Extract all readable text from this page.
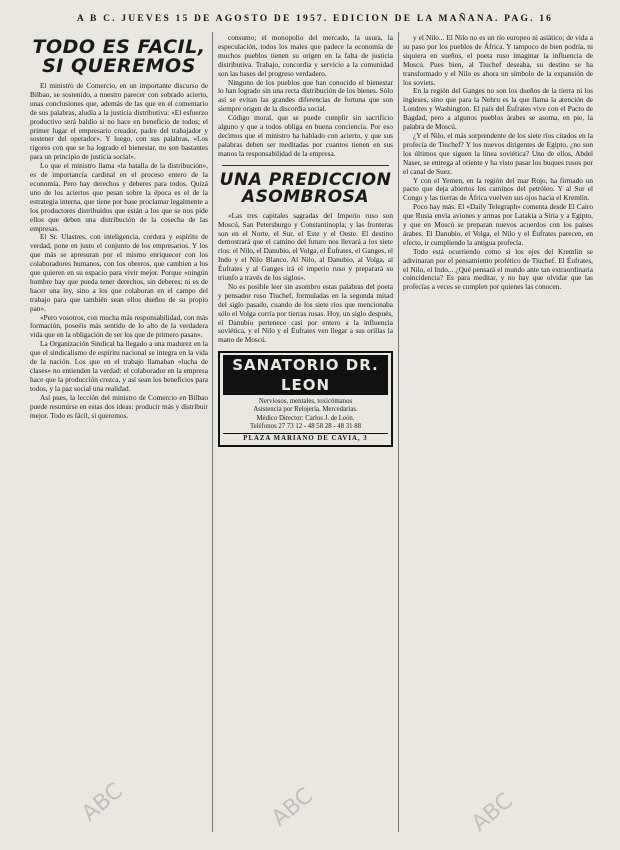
A B C. JUEVES 15 DE AGOSTO DE 1957. EDICION DE LA MAÑANA. PAG. 16
TODO ES FACIL, SI QUEREMOS

El ministro de Comercio, en un importante discurso de Bilbao, se sostenido, a nuestro parecer con sobrado acierto, unas conclusiones que, además de las que en el comentario de sus palabras, aludía a la justicia distributiva: «El esfuerzo productivo será baldío si no hace en beneficio de todos; el primer lugar el empresario creador, padre del trabajador y sostener del operador». Y luego, con sus palabras, «Los rigores con que se ha logrado el bienestar, no son bastantes para un principio de justicia social».

Lo que el ministro llama «la batalla de la distribución», es de importancia cardinal en el proceso entero de la economía. Pero hay derechos y deberes para todos. Quizá uno de los aciertos que pesan sobre la época es el de la estrategia interna, que tiene por base proclamar legalmente a los productores distribuidos que están a los que se nos pide ellos que deben una distribución de la cosecha de las empresas.

El Sr. Ulastres, con inteligencia, cordura y espíritu de verdad, pone en justo el conjunto de los empresarios. Y los que más se apresuran por el mismo enriquecer con los colaboradores humanos, con los obreros, que cambien a los que quieren en su espacio para vivir mejor. Porque «ningún hombre hay que pueda tener derechos, sin deberes; ni es de hacer una ley, sino a los que colaboran en el campo del trabajo para que también sean ellos dueños de su propio pan».

«Pero vosotros, con mucha más responsabilidad, con más formación, poseéis más sentido de lo alto de la verdadera vida que en la obligación de ser los que de primero pasan».

La Organización Sindical ha llegado a una madurez en la que el sindicalismo de espíritu nacional se integra en la vida de la nación. Los que en el trabajo llamaban «lucha de clases» no entienden la verdad: el colaborador en la empresa hace que la producción crezca, y así sean los beneficios para todos, y la paz social una realidad.

Así pues, la lección del ministro de Comercio en Bilbao puede resumirse en estas dos ideas: producir más y distribuir mejor. Todo es fácil, si queremos.

consumo; el monopolio del mercado, la usura, la especulación, todos los males que padece la economía de muchos pueblos tienen su origen en la falta de justicia distributiva. Trabajo, concordia y servicio a la comunidad son las bases del progreso verdadero.

Ninguno de los pueblos que han conocido el bienestar lo han logrado sin una recta distribución de los bienes. Sólo así se evitan las grandes diferencias de fortuna que son siempre origen de la discordia social.

Código moral, que se puede cumplir sin sacrificio alguno y que a todos obliga en buena conciencia. Por eso decimos que el ministro ha hablado con acierto, y que sus palabras deben ser meditadas por cuantos tienen en sus manos la responsabilidad de la empresa.

UNA PREDICCION ASOMBROSA

«Las tres capitales sagradas del Imperio ruso son Moscú, San Petersburgo y Constantinopla; y las fronteras son en el Norte, el Sur, el Este y el Oeste. El destino demostrará que el camino del futuro nos llevará a los siete ríos: el Nilo, el Danubio, el Volga, el Éufrates, el Ganges, el Indo y el Nilo Blanco. Al Nilo, al Danubio, al Volga, al Éufrates y al Ganges irá el imperio ruso y preparará su triunfo a través de los siglos».

No es posible leer sin asombro estas palabras del poeta y pensador ruso Tiuchef, formuladas en la segunda mitad del siglo pasado, cuando de los siete ríos que mencionaba sólo el Volga corría por tierras rusas. Hoy, un siglo después, el Danubio pertenece casi por entero a la influencia soviética, y el Nilo y el Éufrates ven llegar a sus orillas la mano de Moscú.

SANATORIO DR. LEON
Nerviosos, mentales, toxicómanos
Asistencia por Relojería. Mercedarias.
Médico Director: Carlos J. de León.
Teléfonos 27 73 12 - 48 58 28 - 48 31 88
PLAZA MARIANO DE CAVIA, 3

y el Nilo... El Nilo no es un río europeo ni asiático; de vida a su paso por los pueblos de África. Y tampoco de bien podría, ni siquiera en sueños, el poeta ruso imaginar la influencia de Moscú. Pues bien, al Tiuchef deseaba, su destino se ha transformado y el Nilo es ahora un símbolo de la expansión de los soviets.

En la región del Ganges no son los dueños de la tierra ni los ingleses, sino que para la Nehru es la que llama la atención de Londres y Washington. El país del Éufrates vive con el Pacto de Bagdad, pero a algunos pueblos árabes se asoma, en pie, la palabra de Moscú.

¿Y el Nilo, el más sorprendente de los siete ríos citados en la profecía de Tiuchef? Y los nuevos dirigentes de Egipto, ¿no son los últimos que siguen la línea soviética? Uno de ellos, Abdel Naser, se entrega al oriente y ha visto pasar los buques rusos por el canal de Suez.

Y con el Yemen, en la región del mar Rojo, ha firmado un pacto que deja abiertos los caminos del petróleo. Y al Sur el Congo y las tierras de África vuelven sus ojos hacia el Kremlin.

Poco hay más. El «Daily Telegraph» comenta desde El Cairo que Rusia envía aviones y armas por Latakia a Siria y a Egipto, y que en Moscú se preparan nuevos acuerdos con los países árabes. El Danubio, el Volga, el Nilo y el Éufrates parecen, en efecto, ir cumpliendo la antigua profecía.

Todo está ocurriendo como si los ejes del Kremlin se adivinaran por el pensamiento profético de Tiuchef. El Éufrates, el Nilo, el Indo... ¿Qué pensará el mundo ante tan extraordinaria coincidencia? Es para meditar, y no hay que olvidar que las profecías a veces se cumplen por quienes las conocen.

ABC	ABC	ABC
